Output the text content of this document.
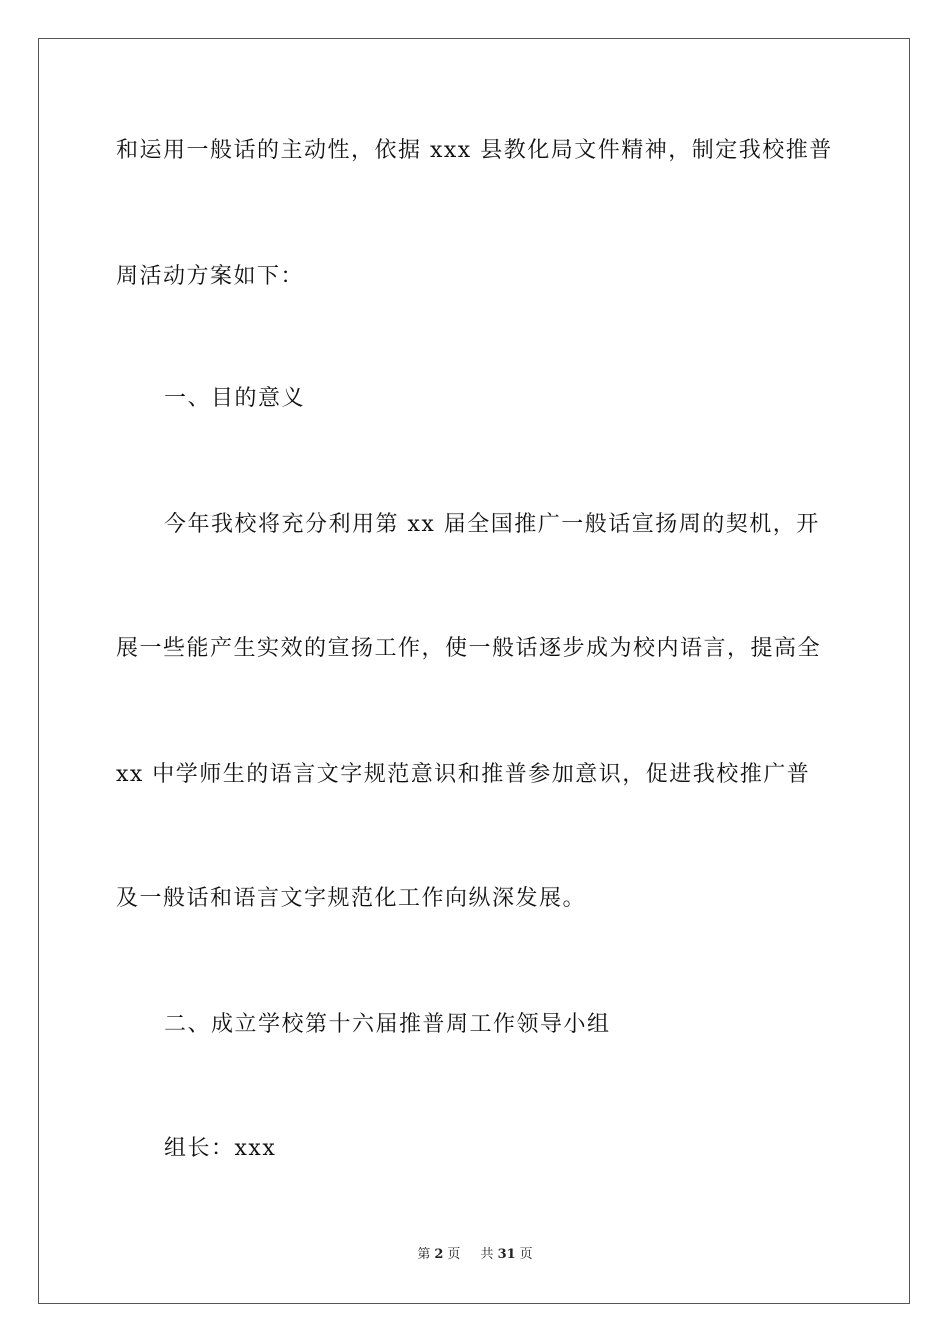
和运用一般话的主动性，依据 xxx 县教化局文件精神，制定我校推普
周活动方案如下：
一、目的意义
今年我校将充分利用第 xx 届全国推广一般话宣扬周的契机，开
展一些能产生实效的宣扬工作，使一般话逐步成为校内语言，提高全
xx 中学师生的语言文字规范意识和推普参加意识，促进我校推广普
及一般话和语言文字规范化工作向纵深发展。
二、成立学校第十六届推普周工作领导小组
组长：xxx
第 2 页 共 31 页
